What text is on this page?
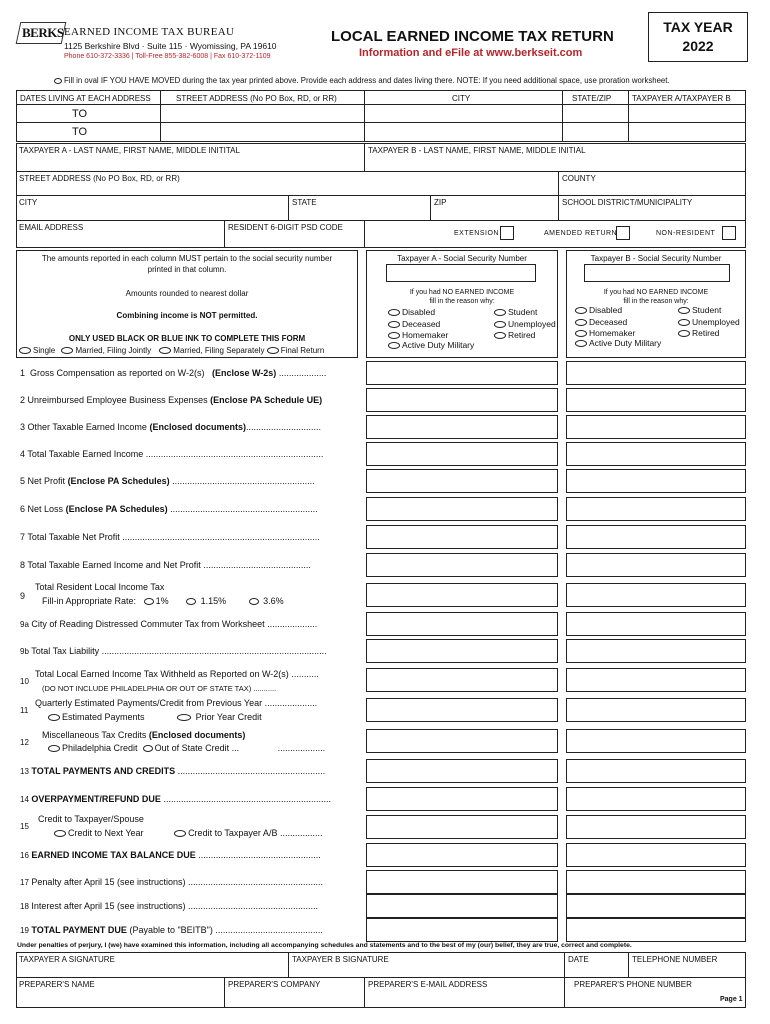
BERKS EARNED INCOME TAX BUREAU
1125 Berkshire Blvd · Suite 115 · Wyomissing, PA 19610
Phone 610-372-3336 | Toll-Free 855-382-6008 | Fax 610-372-1109
LOCAL EARNED INCOME TAX RETURN
Information and eFile at www.berkseit.com
TAX YEAR
2022
Fill in oval IF YOU HAVE MOVED during the tax year printed above. Provide each address and dates living there. NOTE: If you need additional space, use proration worksheet.
DATES LIVING AT EACH ADDRESS	STREET ADDRESS (No PO Box, RD, or RR)	CITY	STATE/ZIP	TAXPAYER A/TAXPAYER B
TO
TO
TAXPAYER A - LAST NAME, FIRST NAME, MIDDLE INITITAL	TAXPAYER B - LAST NAME, FIRST NAME, MIDDLE INITIAL
STREET ADDRESS (No PO Box, RD, or RR)	COUNTY
CITY	STATE	ZIP	SCHOOL DISTRICT/MUNICIPALITY
EMAIL ADDRESS	RESIDENT 6-DIGIT PSD CODE
EXTENSION	AMENDED RETURN	NON-RESIDENT
The amounts reported in each column MUST pertain to the social security number
printed in that column.
Amounts rounded to nearest dollar
Combining income is NOT permitted.
ONLY USED BLACK OR BLUE INK TO COMPLETE THIS FORM
Single	Married, Filing Jointly	Married, Filing Separately Final Return
Taxpayer A - Social Security Number
If you had NO EARNED INCOME
fill in the reason why:
Disabled
Deceased
Homemaker
Active Duty Military
Student
Unemployed
Retired
Taxpayer B - Social Security Number
If you had NO EARNED INCOME
fill in the reason why:
Disabled
Deceased
Homemaker
Active Duty Military
Student
Unemployed
Retired
1 Gross Compensation as reported on W-2(s) (Enclose W-2s) ...................
2 Unreimbursed Employee Business Expenses (Enclose PA Schedule UE)
3 Other Taxable Earned Income (Enclosed documents)..............................
4 Total Taxable Earned Income .......................................................................
5 Net Profit (Enclose PA Schedules) .........................................................
6 Net Loss (Enclose PA Schedules) ...........................................................
7 Total Taxable Net Profit ...............................................................................
8 Total Taxable Earned Income and Net Profit ...........................................
9
Total Resident Local Income Tax
Fill-in Appropriate Rate: 1%	1.15%	3.6%
9a City of Reading Distressed Commuter Tax from Worksheet ....................
9b Total Tax Liability ..........................................................................................
10
Total Local Earned Income Tax Withheld as Reported on W-2(s) ...........
(DO NOT INCLUDE PHILADELPHIA OR OUT OF STATE TAX) ...........
11
Quarterly Estimated Payments/Credit from Previous Year .....................
Estimated Payments	Prior Year Credit
12
Miscellaneous Tax Credits (Enclosed documents)
Philadelphia Credit Out of State Credit ...	...................
13 TOTAL PAYMENTS AND CREDITS ...........................................................
14 OVERPAYMENT/REFUND DUE ...................................................................
15
Credit to Taxpayer/Spouse
Credit to Next Year	Credit to Taxpayer A/B .................
16 EARNED INCOME TAX BALANCE DUE .................................................
17 Penalty after April 15 (see instructions) ......................................................
18 Interest after April 15 (see instructions) ....................................................
19 TOTAL PAYMENT DUE (Payable to "BEITB") ...........................................
Under penalties of perjury, I (we) have examined this information, including all accompanying schedules and statements and to the best of my (our) belief, they are true, correct and complete.
TAXPAYER A SIGNATURE	TAXPAYER B SIGNATURE	DATE	TELEPHONE NUMBER
PREPARER'S NAME	PREPARER'S COMPANY	PREPARER'S E-MAIL ADDRESS	PREPARER'S PHONE NUMBER
Page 1
